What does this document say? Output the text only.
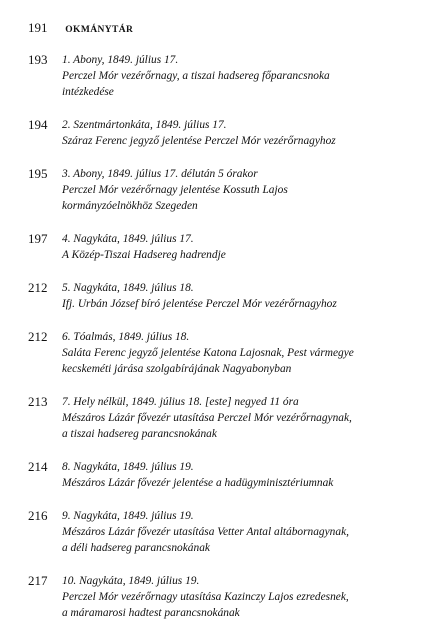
191 OKMÁNYTÁR
193	1. Abony, 1849. július 17.
Perczel Mór vezérőrnagy, a tiszai hadsereg főparancsnoka
intézkedése
194	2. Szentmártonkáta, 1849. július 17.
Száraz Ferenc jegyző jelentése Perczel Mór vezérőrnagyhoz
195	3. Abony, 1849. július 17. délután 5 órakor
Perczel Mór vezérőrnagy jelentése Kossuth Lajos
kormányzóelnökhöz Szegeden
197	4. Nagykáta, 1849. július 17.
A Közép-Tiszai Hadsereg hadrendje
212	5. Nagykáta, 1849. július 18.
Ifj. Urbán József bíró jelentése Perczel Mór vezérőrnagyhoz
212	6. Tóalmás, 1849. július 18.
Saláta Ferenc jegyző jelentése Katona Lajosnak, Pest vármegye
kecskeméti járása szolgabírájának Nagyabonyban
213	7. Hely nélkül, 1849. július 18. [este] negyed 11 óra
Mészáros Lázár fővezér utasítása Perczel Mór vezérőrnagynak,
a tiszai hadsereg parancsnokának
214	8. Nagykáta, 1849. július 19.
Mészáros Lázár fővezér jelentése a hadügyminisztériumnak
216	9. Nagykáta, 1849. július 19.
Mészáros Lázár fővezér utasítása Vetter Antal altábornagynak,
a déli hadsereg parancsnokának
217	10. Nagykáta, 1849. július 19.
Perczel Mór vezérőrnagy utasítása Kazinczy Lajos ezredesnek,
a máramarosi hadtest parancsnokának
